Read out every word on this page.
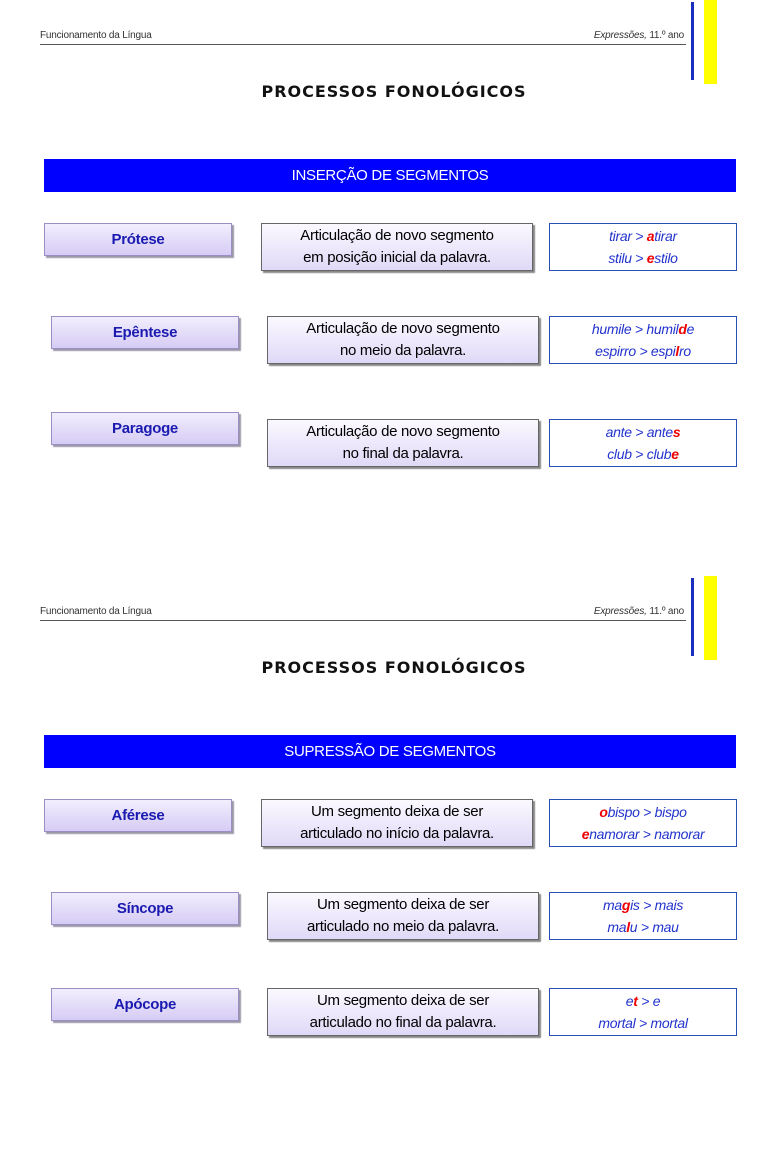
Funcionamento da Língua	Expressões, 11.º ano
PROCESSOS FONOLÓGICOS
INSERÇÃO DE SEGMENTOS
Prótese	Articulação de novo segmento
em posição inicial da palavra.
tirar > atirar
stilu > estilo
Epêntese	Articulação de novo segmento
no meio da palavra.
humile > humilde
espirro > espilro
Paragoge	Articulação de novo segmento
no final da palavra.
ante > antes
club > clube
Funcionamento da Língua	Expressões, 11.º ano
PROCESSOS FONOLÓGICOS
SUPRESSÃO DE SEGMENTOS
Aférese	Um segmento deixa de ser
articulado no início da palavra.
obispo > bispo
enamorar > namorar
Síncope	Um segmento deixa de ser
articulado no meio da palavra.
magis > mais
malu > mau
Apócope	Um segmento deixa de ser
articulado no final da palavra.
et > e
mortal > mortal
